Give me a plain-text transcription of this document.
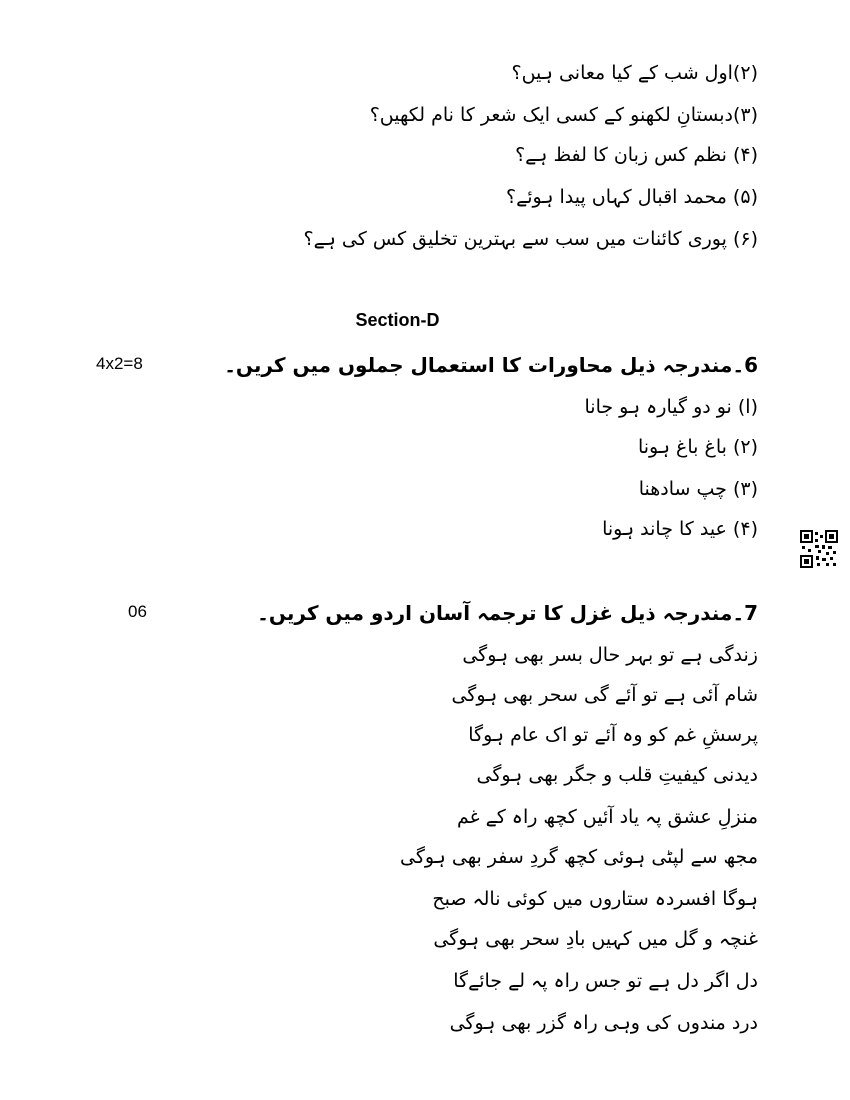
(۲)اول شب کے کیا معانی ہیں؟
(۳)دبستانِ لکھنو کے کسی ایک شعر کا نام لکھیں؟
(۴) نظم کس زبان کا لفظ ہے؟
(۵) محمد اقبال کہاں پیدا ہوئے؟
(۶) پوری کائنات میں سب سے بہترین تخلیق کس کی ہے؟
Section-D
4x2=8	6۔مندرجہ ذیل محاورات کا استعمال جملوں میں کریں۔
(ا) نو دو گیارہ ہو جانا
(۲) باغ باغ ہونا
(۳) چپ سادھنا
(۴) عید کا چاند ہونا
06	7۔مندرجہ ذیل غزل کا ترجمہ آسان اردو میں کریں۔
زندگی ہے تو بہر حال بسر بھی ہوگی
شام آئی ہے تو آئے گی سحر بھی ہوگی
پرسشِ غم کو وہ آئے تو اک عام ہوگا
دیدنی کیفیتِ قلب و جگر بھی ہوگی
منزلِ عشق پہ یاد آئیں کچھ راہ کے غم
مجھ سے لپٹی ہوئی کچھ گردِ سفر بھی ہوگی
ہوگا افسردہ ستاروں میں کوئی نالہ صبح
غنچہ و گل میں کہیں بادِ سحر بھی ہوگی
دل اگر دل ہے تو جس راہ پہ لے جائےگا
درد مندوں کی وہی راہ گزر بھی ہوگی
